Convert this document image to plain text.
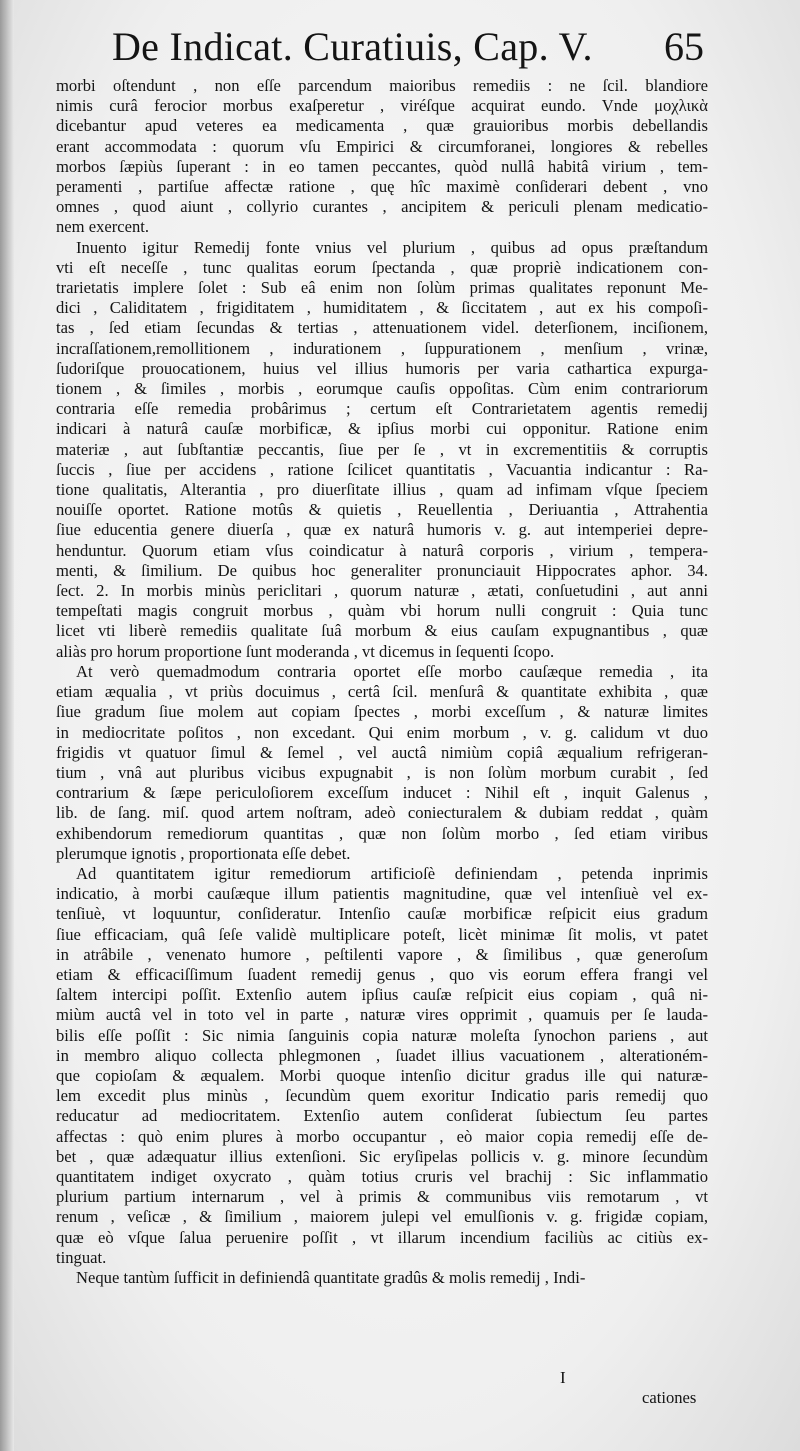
De Indicat. Curatiuis, Cap. V. 65
morbi oſtendunt , non eſſe parcendum maioribus remediis : ne ſcil. blandiore
nimis curâ ferocior morbus exaſperetur , viréſque acquirat eundo. Vnde μοχλικὰ
dicebantur apud veteres ea medicamenta , quæ grauioribus morbis debellandis
erant accommodata : quorum vſu Empirici & circumforanei, longiores & rebelles
morbos ſæpiùs ſuperant : in eo tamen peccantes, quòd nullâ habitâ virium , tem-
peramenti , partiſue affectæ ratione , quę hîc maximè conſiderari debent , vno
omnes , quod aiunt , collyrio curantes , ancipitem & periculi plenam medicatio-
nem exercent.
Inuento igitur Remedij fonte vnius vel plurium , quibus ad opus præſtandum
vti eſt neceſſe , tunc qualitas eorum ſpectanda , quæ propriè indicationem con-
trarietatis implere ſolet : Sub eâ enim non ſolùm primas qualitates reponunt Me-
dici , Caliditatem , frigiditatem , humiditatem , & ſiccitatem , aut ex his compoſi-
tas , ſed etiam ſecundas & tertias , attenuationem videl. deterſionem, inciſionem,
incraſſationem,remollitionem , indurationem , ſuppurationem , menſium , vrinæ,
ſudoriſque prouocationem, huius vel illius humoris per varia cathartica expurga-
tionem , & ſimiles , morbis , eorumque cauſis oppoſitas. Cùm enim contrariorum
contraria eſſe remedia probârimus ; certum eſt Contrarietatem agentis remedij
indicari à naturâ cauſæ morbificæ, & ipſius morbi cui opponitur. Ratione enim
materiæ , aut ſubſtantiæ peccantis, ſiue per ſe , vt in excrementitiis & corruptis
ſuccis , ſiue per accidens , ratione ſcilicet quantitatis , Vacuantia indicantur : Ra-
tione qualitatis, Alterantia , pro diuerſitate illius , quam ad infimam vſque ſpeciem
nouiſſe oportet. Ratione motûs & quietis , Reuellentia , Deriuantia , Attrahentia
ſiue educentia genere diuerſa , quæ ex naturâ humoris v. g. aut intemperiei depre-
henduntur. Quorum etiam vſus coindicatur à naturâ corporis , virium , tempera-
menti, & ſimilium. De quibus hoc generaliter pronunciauit Hippocrates aphor. 34.
ſect. 2. In morbis minùs periclitari , quorum naturæ , ætati, conſuetudini , aut anni
tempeſtati magis congruit morbus , quàm vbi horum nulli congruit : Quia tunc
licet vti liberè remediis qualitate ſuâ morbum & eius cauſam expugnantibus , quæ
aliàs pro horum proportione ſunt moderanda , vt dicemus in ſequenti ſcopo.
At verò quemadmodum contraria oportet eſſe morbo cauſæque remedia , ita
etiam æqualia , vt priùs docuimus , certâ ſcil. menſurâ & quantitate exhibita , quæ
ſiue gradum ſiue molem aut copiam ſpectes , morbi exceſſum , & naturæ limites
in mediocritate poſitos , non excedant. Qui enim morbum , v. g. calidum vt duo
frigidis vt quatuor ſimul & ſemel , vel auctâ nimiùm copiâ æqualium refrigeran-
tium , vnâ aut pluribus vicibus expugnabit , is non ſolùm morbum curabit , ſed
contrarium & ſæpe periculoſiorem exceſſum inducet : Nihil eſt , inquit Galenus ,
lib. de ſang. miſ. quod artem noſtram, adeò coniecturalem & dubiam reddat , quàm
exhibendorum remediorum quantitas , quæ non ſolùm morbo , ſed etiam viribus
plerumque ignotis , proportionata eſſe debet.
Ad quantitatem igitur remediorum artificioſè definiendam , petenda inprimis
indicatio, à morbi cauſæque illum patientis magnitudine, quæ vel intenſiuè vel ex-
tenſiuè, vt loquuntur, conſideratur. Intenſio cauſæ morbificæ reſpicit eius gradum
ſiue efficaciam, quâ ſeſe validè multiplicare poteſt, licèt minimæ ſit molis, vt patet
in atrâbile , venenato humore , peſtilenti vapore , & ſimilibus , quæ generoſum
etiam & efficaciſſimum ſuadent remedij genus , quo vis eorum effera frangi vel
ſaltem intercipi poſſit. Extenſio autem ipſius cauſæ reſpicit eius copiam , quâ ni-
miùm auctâ vel in toto vel in parte , naturæ vires opprimit , quamuis per ſe lauda-
bilis eſſe poſſit : Sic nimia ſanguinis copia naturæ moleſta ſynochon pariens , aut
in membro aliquo collecta phlegmonen , ſuadet illius vacuationem , alterationém-
que copioſam & æqualem. Morbi quoque intenſio dicitur gradus ille qui naturæ-
lem excedit plus minùs , ſecundùm quem exoritur Indicatio paris remedij quo
reducatur ad mediocritatem. Extenſio autem conſiderat ſubiectum ſeu partes
affectas : quò enim plures à morbo occupantur , eò maior copia remedij eſſe de-
bet , quæ adæquatur illius extenſioni. Sic eryſipelas pollicis v. g. minore ſecundùm
quantitatem indiget oxycrato , quàm totius cruris vel brachij : Sic inflammatio
plurium partium internarum , vel à primis & communibus viis remotarum , vt
renum , veſicæ , & ſimilium , maiorem julepi vel emulſionis v. g. frigidæ copiam,
quæ eò vſque ſalua peruenire poſſit , vt illarum incendium faciliùs ac citiùs ex-
tinguat.
Neque tantùm ſufficit in definiendâ quantitate gradûs & molis remedij , Indi-
I
cationes
